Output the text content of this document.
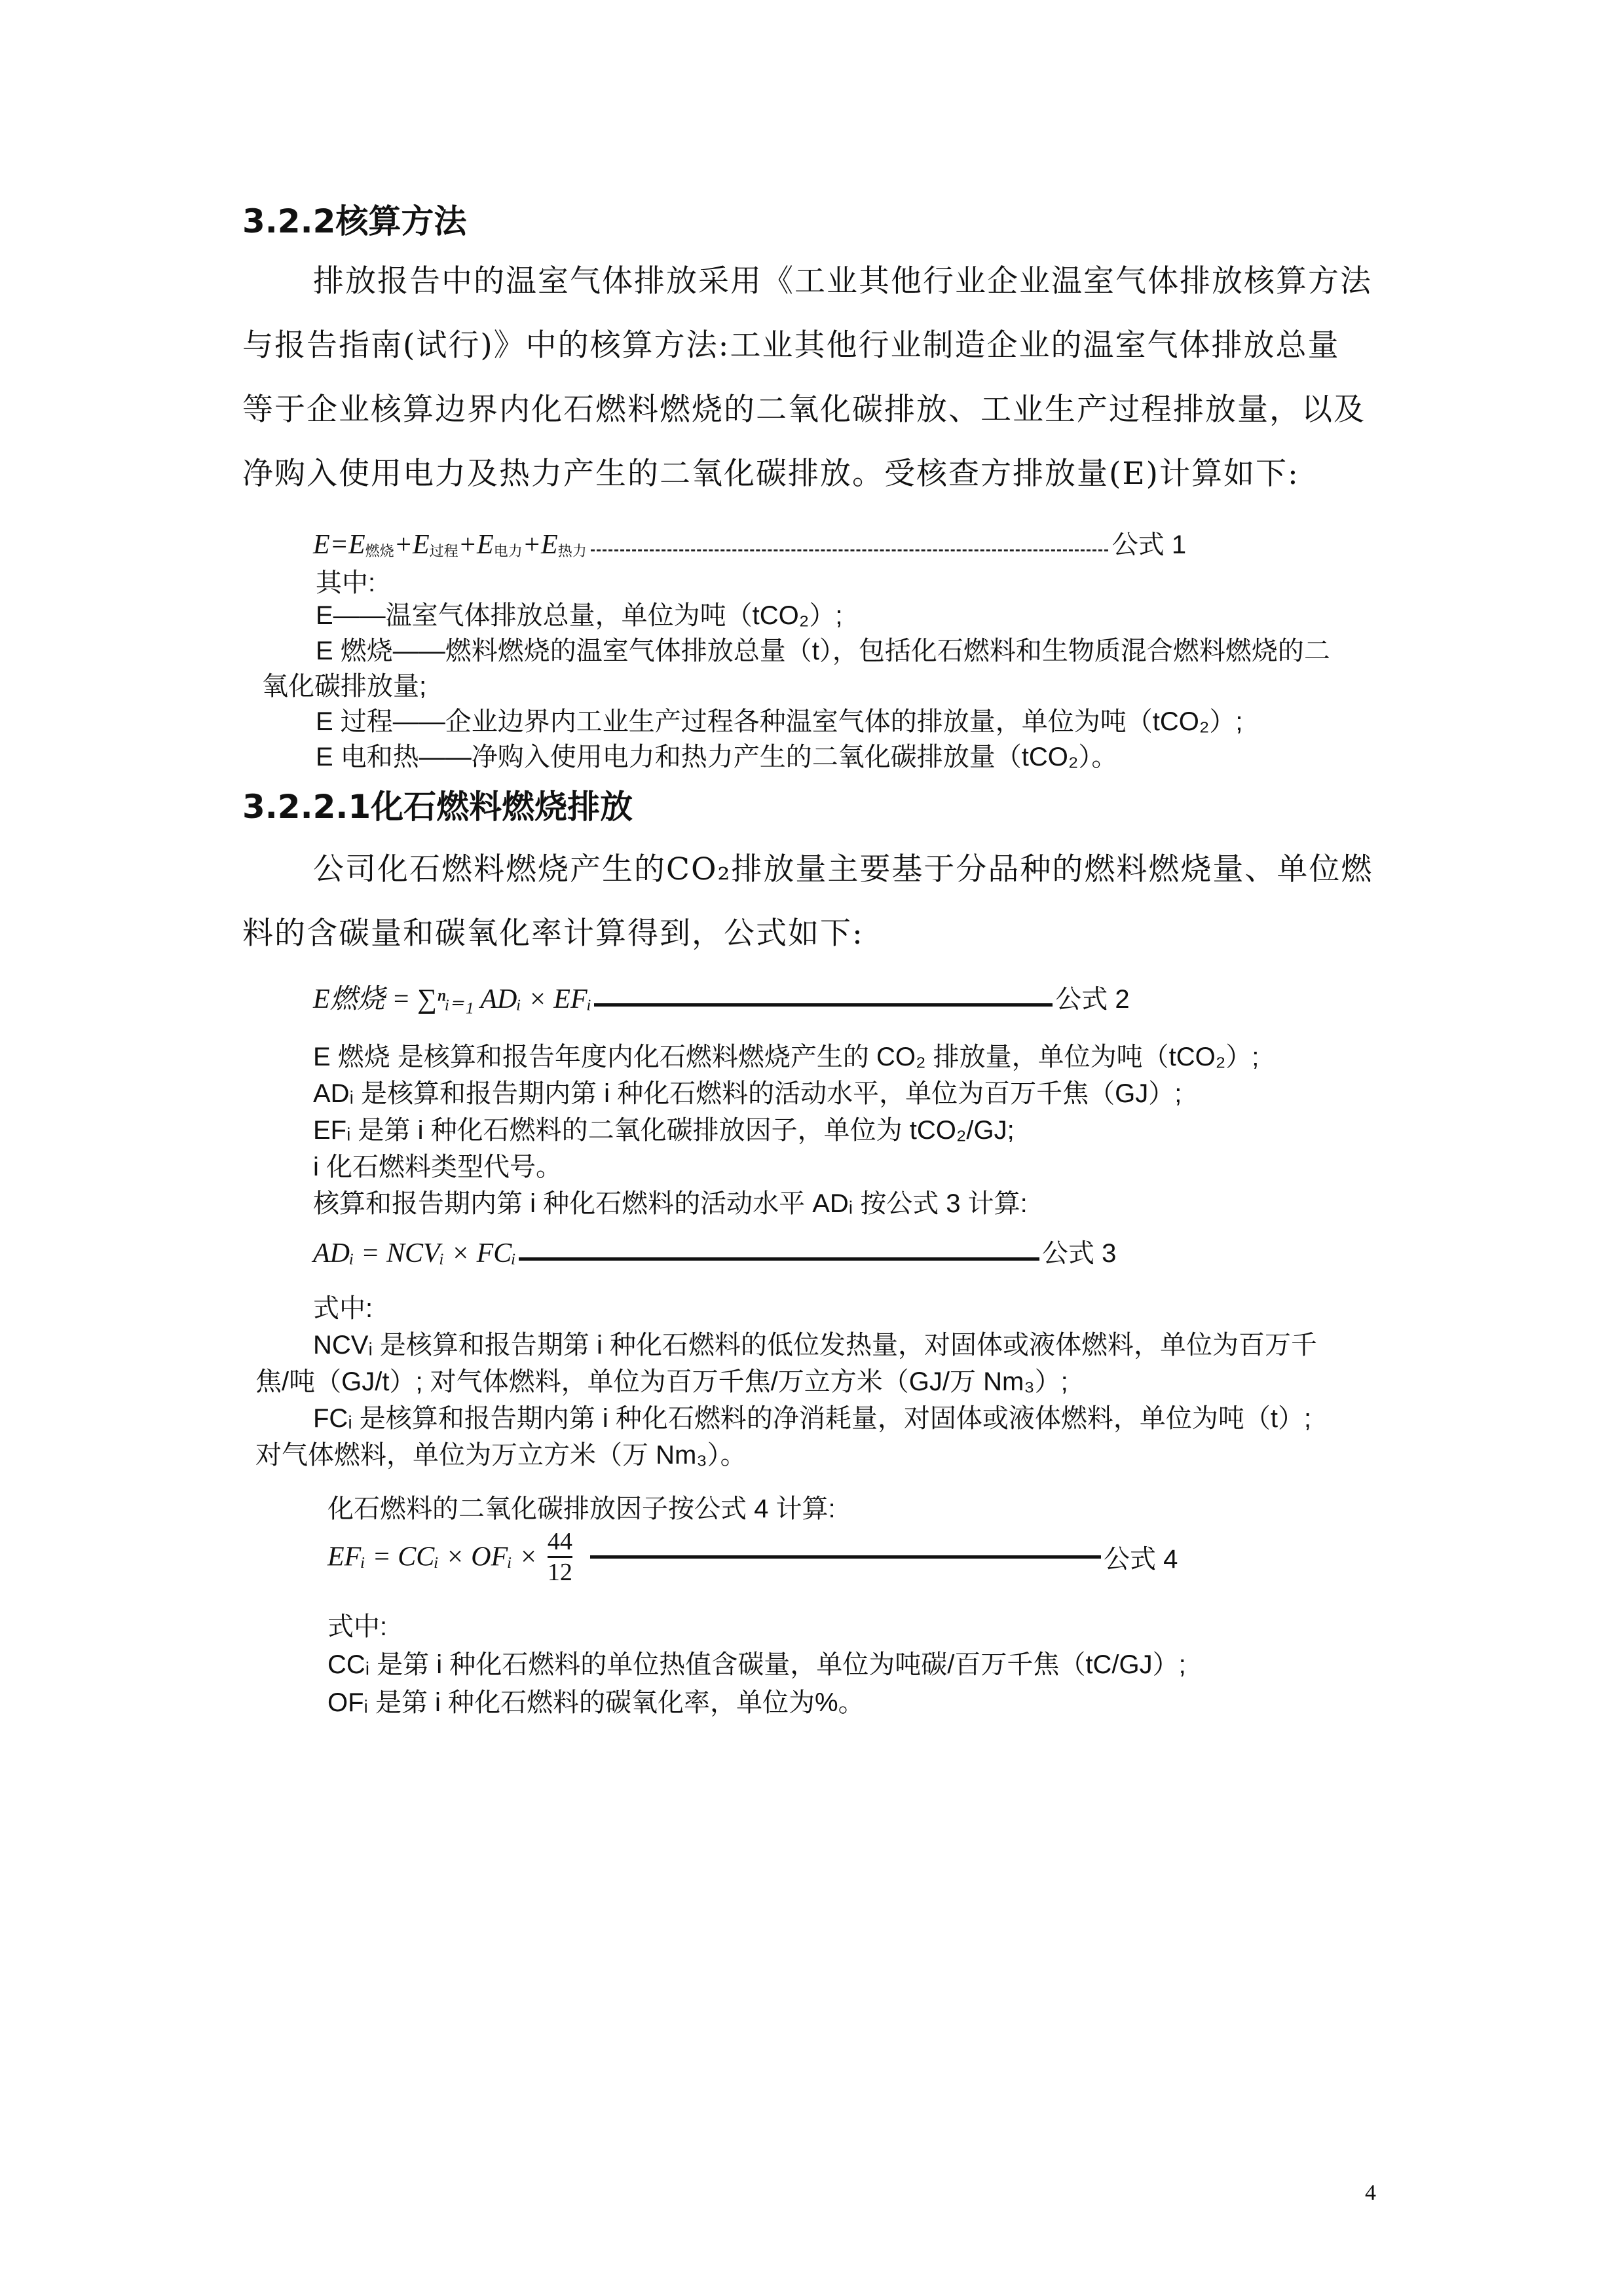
3.2.2核算方法
排放报告中的温室气体排放采用《工业其他行业企业温室气体排放核算方法
与报告指南(试行)》中的核算方法:工业其他行业制造企业的温室气体排放总量
等于企业核算边界内化石燃料燃烧的二氧化碳排放、工业生产过程排放量，以及
净购入使用电力及热力产生的二氧化碳排放。受核查方排放量(E)计算如下:
$E=E_{燃烧}+E_{过程}+E_{电力}+E_{热力}$	公式 1
其中:
E——温室气体排放总量，单位为吨（tCO₂）;
E 燃烧——燃料燃烧的温室气体排放总量（t），包括化石燃料和生物质混合燃料燃烧的二
氧化碳排放量;
E 过程——企业边界内工业生产过程各种温室气体的排放量，单位为吨（tCO₂）;
E 电和热——净购入使用电力和热力产生的二氧化碳排放量（tCO₂）。
3.2.2.1化石燃料燃烧排放
公司化石燃料燃烧产生的CO₂排放量主要基于分品种的燃料燃烧量、单位燃
料的含碳量和碳氧化率计算得到，公式如下:
E燃烧 = ∑ⁿᵢ₌₁ ADᵢ × EFᵢ	公式 2
E 燃烧 是核算和报告年度内化石燃料燃烧产生的 CO₂ 排放量，单位为吨（tCO₂）;
ADᵢ 是核算和报告期内第 i 种化石燃料的活动水平，单位为百万千焦（GJ）;
EFᵢ 是第 i 种化石燃料的二氧化碳排放因子，单位为 tCO₂/GJ;
i 化石燃料类型代号。
核算和报告期内第 i 种化石燃料的活动水平 ADᵢ 按公式 3 计算:
ADᵢ = NCVᵢ × FCᵢ	公式 3
式中:
NCVᵢ 是核算和报告期第 i 种化石燃料的低位发热量，对固体或液体燃料，单位为百万千
焦/吨（GJ/t）; 对气体燃料，单位为百万千焦/万立方米（GJ/万 Nm₃）;
FCᵢ 是核算和报告期内第 i 种化石燃料的净消耗量，对固体或液体燃料，单位为吨（t）;
对气体燃料，单位为万立方米（万 Nm₃）。
化石燃料的二氧化碳排放因子按公式 4 计算:
EFᵢ = CCᵢ × OFᵢ × $\frac{44}{12}$	公式 4
式中:
CCᵢ 是第 i 种化石燃料的单位热值含碳量，单位为吨碳/百万千焦（tC/GJ）;
OFᵢ 是第 i 种化石燃料的碳氧化率，单位为%。
4
